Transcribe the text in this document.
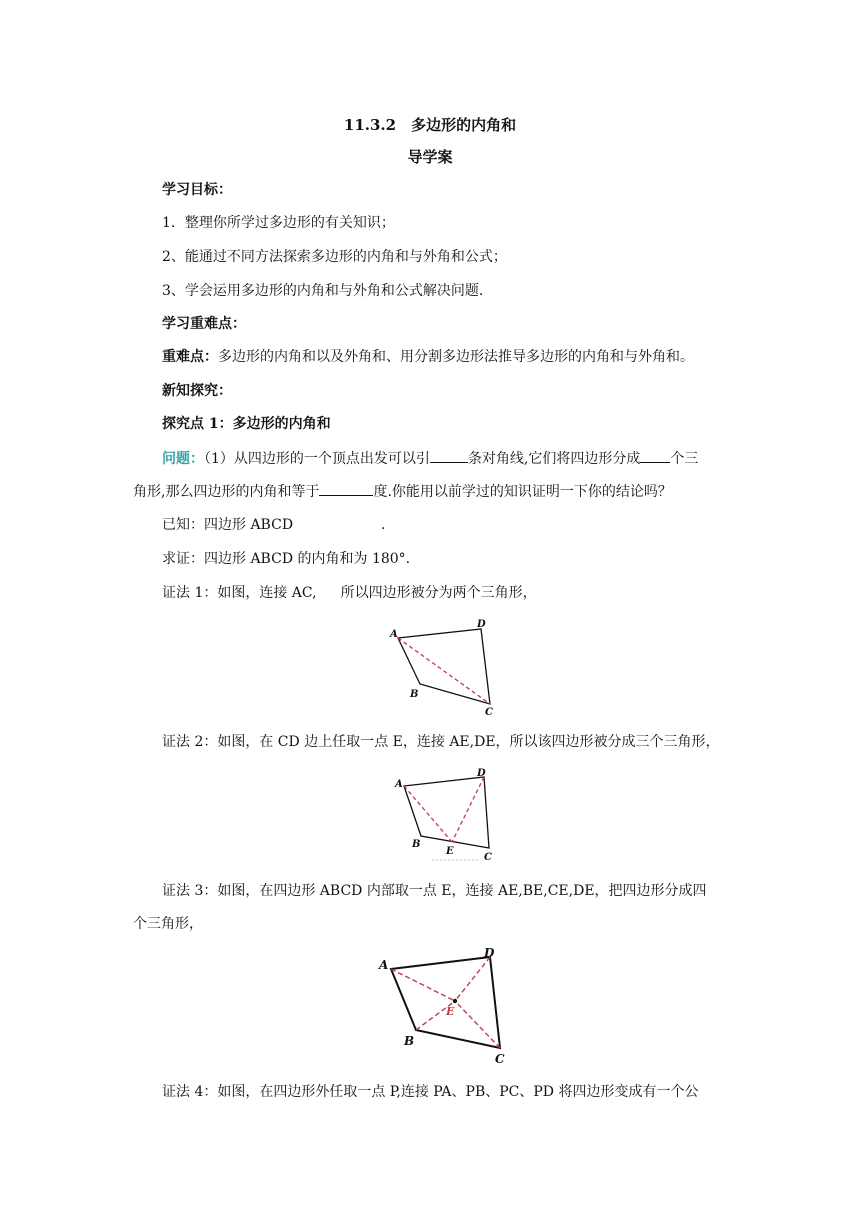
11.3.2　多边形的内角和
导学案
学习目标：
1．整理你所学过多边形的有关知识；
2、能通过不同方法探索多边形的内角和与外角和公式；
3、学会运用多边形的内角和与外角和公式解决问题.
学习重难点：
重难点：多边形的内角和以及外角和、用分割多边形法推导多边形的内角和与外角和。
新知探究：
探究点 1：多边形的内角和
问题：（1）从四边形的一个顶点出发可以引	条对角线,它们将四边形分成 个三
角形,那么四边形的内角和等于	度.你能用以前学过的知识证明一下你的结论吗？
已知：四边形 ABCD	.
求证：四边形 ABCD 的内角和为 180°.
证法 1：如图，连接 AC, 所以四边形被分为两个三角形，
A
D
B
C
证法 2：如图，在 CD 边上任取一点 E，连接 AE,DE，所以该四边形被分成三个三角形，
A
D
B
E
C
证法 3：如图，在四边形 ABCD 内部取一点 E，连接 AE,BE,CE,DE，把四边形分成四
个三角形，
A
D
B
E
C
证法 4：如图，在四边形外任取一点 P,连接 PA、PB、PC、PD 将四边形变成有一个公
